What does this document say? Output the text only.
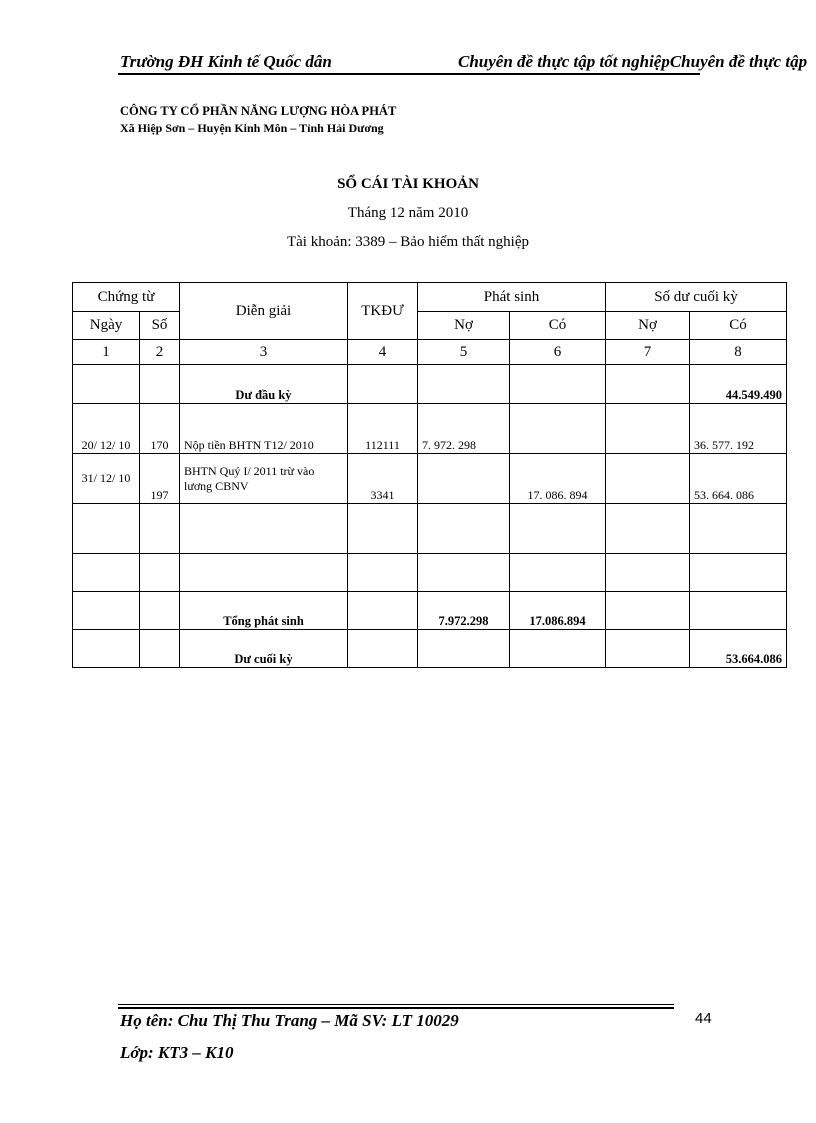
Trường ĐH Kinh tế Quốc dân	Chuyên đề thực tập tốt nghiệpChuyên đề thực tập
CÔNG TY CỔ PHẦN NĂNG LƯỢNG HÒA PHÁT
Xã Hiệp Sơn – Huyện Kinh Môn – Tỉnh Hải Dương
SỔ CÁI TÀI KHOẢN
Tháng 12 năm 2010
Tài khoản: 3389 – Bảo hiểm thất nghiệp
Chứng từ		Diễn giải	TKĐƯ	Phát sinh		Số dư cuối kỳ	
Ngày	Số			Nợ	Có	Nợ	Có
1	2	3	4	5	6	7	8
		Dư đầu kỳ					44.549.490
20/ 12/ 10	170	Nộp tiền BHTN T12/ 2010	112111	7. 972. 298			36. 577. 192
31/ 12/ 10	197	BHTN Quý I/ 2011 trừ vào lương CBNV	3341		17. 086. 894		53. 664. 086

		Tổng phát sinh		7.972.298	17.086.894		
		Dư cuối kỳ					53.664.086
Họ tên: Chu Thị Thu Trang – Mã SV: LT 10029	44
Lớp: KT3 – K10
